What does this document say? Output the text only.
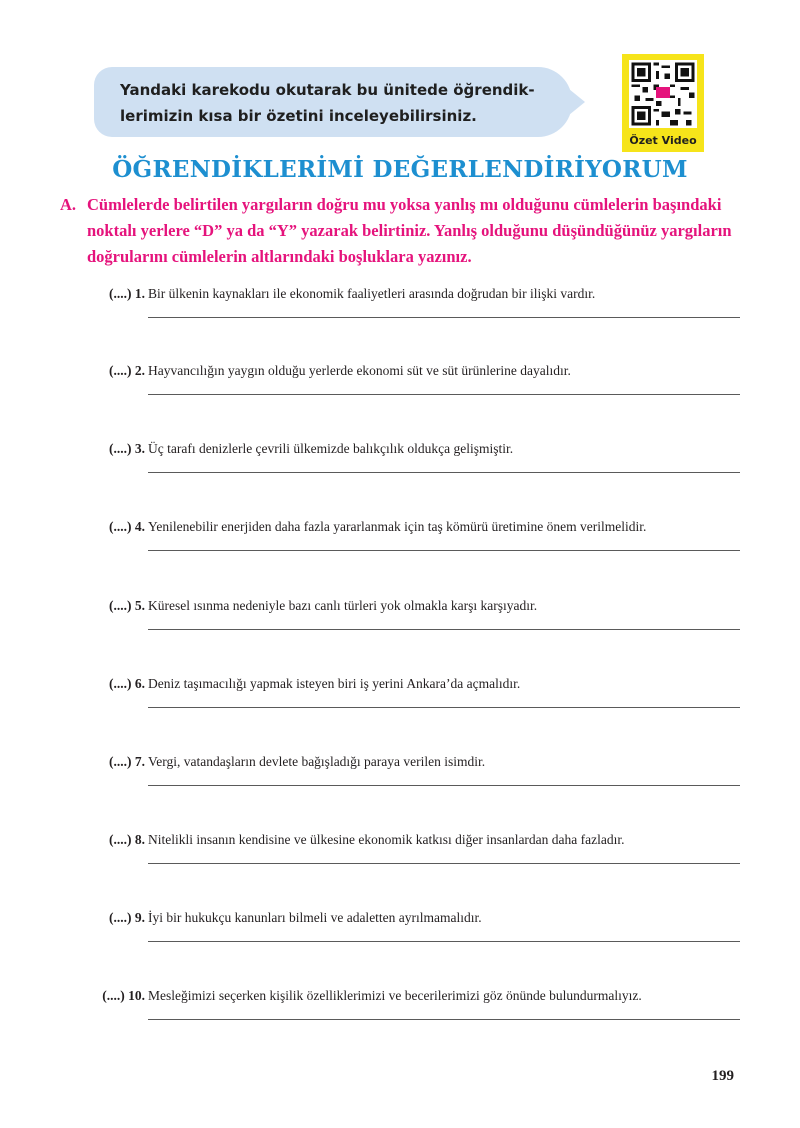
Yandaki karekodu okutarak bu ünitede öğrendik-

lerimizin kısa bir özetini inceleyebilirsiniz.

Özet Video
ÖĞRENDİKLERİMİ DEĞERLENDİRİYORUM
A. Cümlelerde belirtilen yargıların doğru mu yoksa yanlış mı olduğunu cümlelerin başındaki noktalı yerlere “D” ya da “Y” yazarak belirtiniz. Yanlış olduğunu düşündüğünüz yargıların doğrularını cümlelerin altlarındaki boşluklara yazınız.
(....) 1. Bir ülkenin kaynakları ile ekonomik faaliyetleri arasında doğrudan bir ilişki vardır.
(....) 2. Hayvancılığın yaygın olduğu yerlerde ekonomi süt ve süt ürünlerine dayalıdır.
(....) 3. Üç tarafı denizlerle çevrili ülkemizde balıkçılık oldukça gelişmiştir.
(....) 4. Yenilenebilir enerjiden daha fazla yararlanmak için taş kömürü üretimine önem verilmelidir.
(....) 5. Küresel ısınma nedeniyle bazı canlı türleri yok olmakla karşı karşıyadır.
(....) 6. Deniz taşımacılığı yapmak isteyen biri iş yerini Ankara’da açmalıdır.
(....) 7. Vergi, vatandaşların devlete bağışladığı paraya verilen isimdir.
(....) 8. Nitelikli insanın kendisine ve ülkesine ekonomik katkısı diğer insanlardan daha fazladır.
(....) 9. İyi bir hukukçu kanunları bilmeli ve adaletten ayrılmamalıdır.
(....) 10. Mesleğimizi seçerken kişilik özelliklerimizi ve becerilerimizi göz önünde bulundurmalıyız.
199
